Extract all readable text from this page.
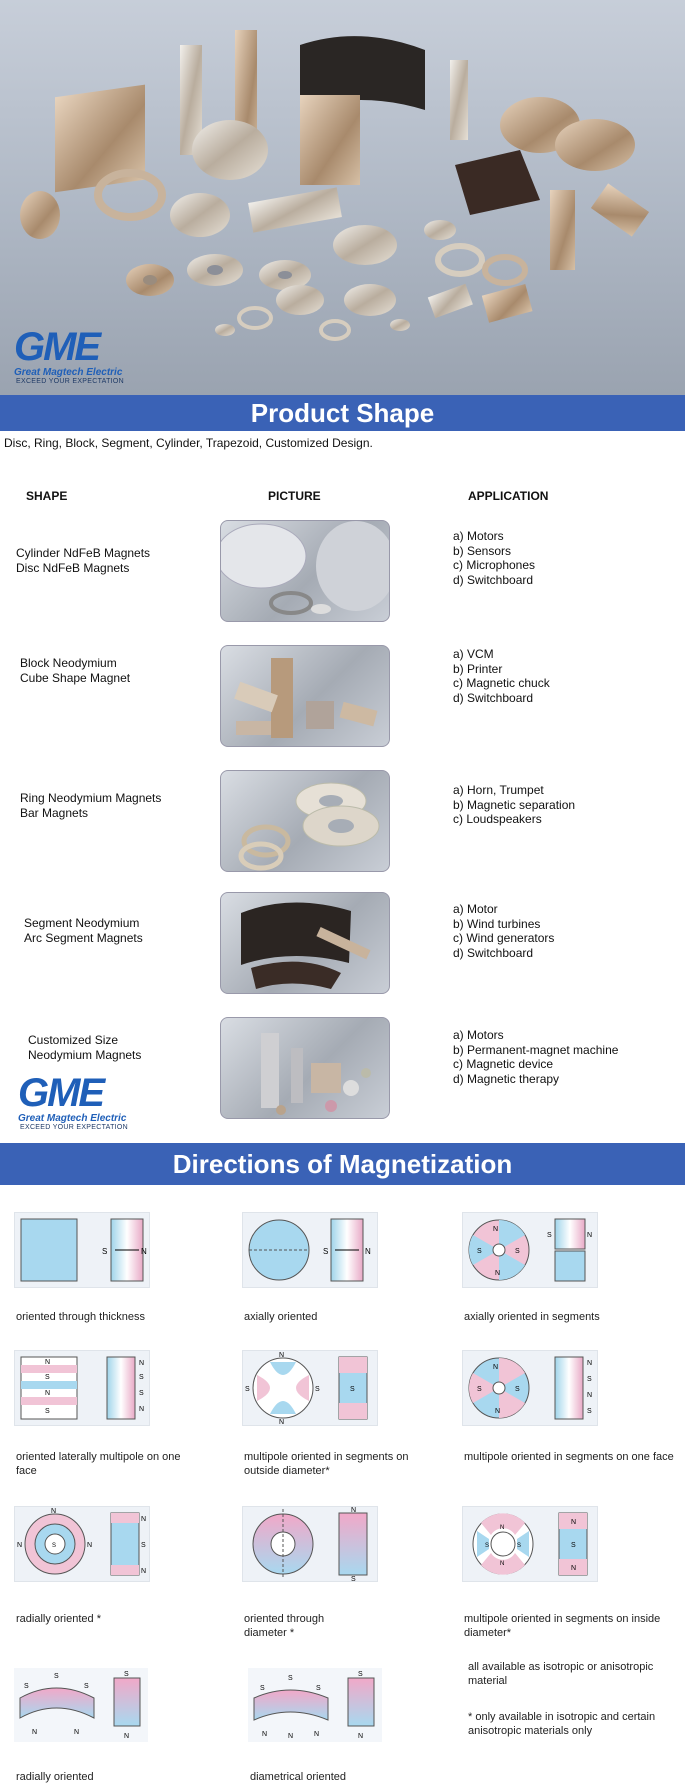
GME
Great Magtech Electric
EXCEED YOUR EXPECTATION
Product Shape
Disc, Ring, Block, Segment, Cylinder, Trapezoid, Customized Design.
SHAPE	PICTURE	APPLICATION
Cylinder NdFeB Magnets
Disc NdFeB Magnets
a) Motors
b) Sensors
c) Microphones
d) Switchboard
Block Neodymium
Cube Shape Magnet
a) VCM
b) Printer
c) Magnetic chuck
d) Switchboard
Ring Neodymium Magnets
Bar Magnets
a) Horn, Trumpet
b) Magnetic separation
c) Loudspeakers
Segment Neodymium
Arc Segment Magnets
a) Motor
b) Wind turbines
c) Wind generators
d) Switchboard
Customized Size
Neodymium Magnets
a) Motors
b) Permanent-magnet machine
c) Magnetic device
d) Magnetic therapy
GME
Great Magtech Electric
EXCEED YOUR EXPECTATION
Directions of Magnetization
S	N
oriented through thickness
S	N
axially oriented
N
S
S
N
S	N
axially oriented in segments
N
S
N
S
N
S
S
N
oriented laterally multipole on one face
N
S	S
N
S
multipole oriented in segments on outside diameter*
N
S
S
N
N
S
N
S
multipole oriented in segments on one face
N
N	N
S
N
S
N
radially oriented *
N
S
oriented through diameter *
N
N
S	S
N
S
N
multipole oriented in segments on inside diameter*
S
S
S
N	N
S
N
radially oriented
S
S
S
N	N	N
S
N
diametrical oriented
all available as isotropic or anisotropic material
* only available in isotropic and certain anisotropic materials only
